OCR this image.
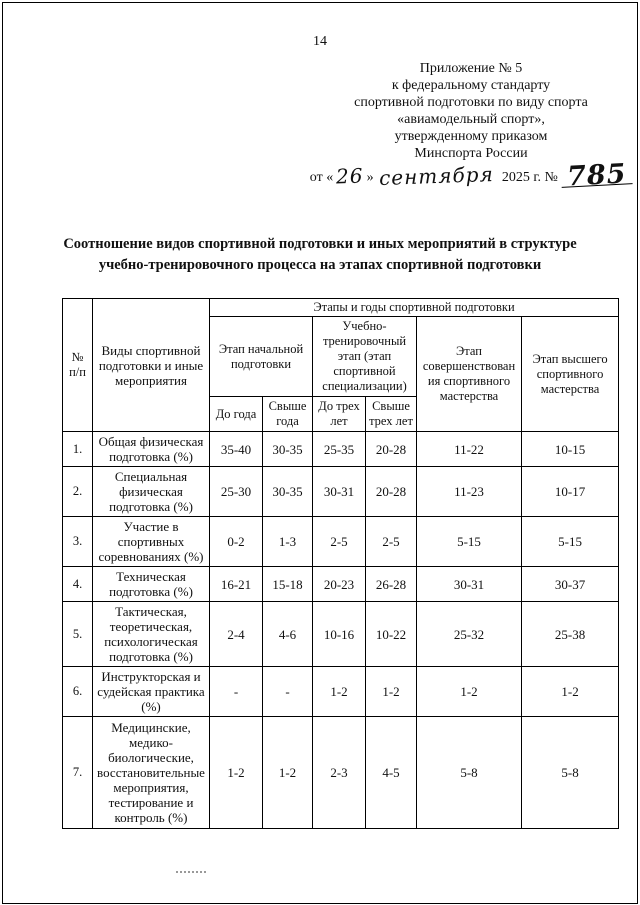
14
Приложение № 5
к федеральному стандарту
спортивной подготовки по виду спорта
«авиамодельный спорт»,
утвержденному приказом
Минспорта России
от « 26 » сентября 2025 г. № 785
Соотношение видов спортивной подготовки и иных мероприятий в структуре учебно-тренировочного процесса на этапах спортивной подготовки
№ п/п	Виды спортивной подготовки и иные мероприятия	Этапы и годы спортивной подготовки					
		Этап начальной подготовки		Учебно-тренировочный этап (этап спортивной специализации)		Этап совершенствования спортивного мастерства	Этап высшего спортивного мастерства
		До года	Свыше года	До трех лет	Свыше трех лет		
1.	Общая физическая подготовка (%)	35-40	30-35	25-35	20-28	11-22	10-15
2.	Специальная физическая подготовка (%)	25-30	30-35	30-31	20-28	11-23	10-17
3.	Участие в спортивных соревнованиях (%)	0-2	1-3	2-5	2-5	5-15	5-15
4.	Техническая подготовка (%)	16-21	15-18	20-23	26-28	30-31	30-37
5.	Тактическая, теоретическая, психологическая подготовка (%)	2-4	4-6	10-16	10-22	25-32	25-38
6.	Инструкторская и судейская практика (%)	-	-	1-2	1-2	1-2	1-2
7.	Медицинские, медико-биологические, восстановительные мероприятия, тестирование и контроль (%)	1-2	1-2	2-3	4-5	5-8	5-8
